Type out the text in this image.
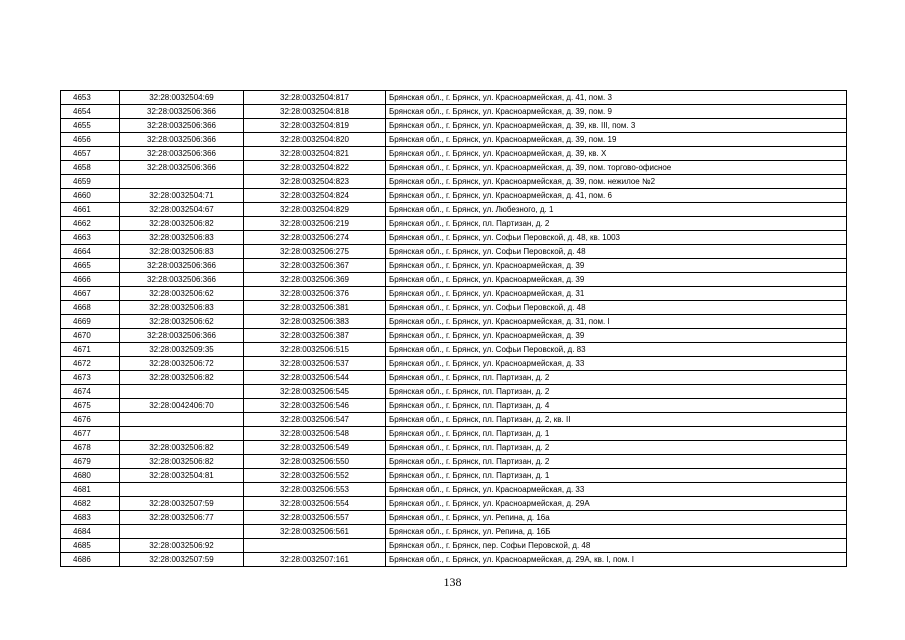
4653	32:28:0032504:69	32:28:0032504:817	Брянская обл., г. Брянск, ул. Красноармейская, д. 41, пом. 3
4654	32:28:0032506:366	32:28:0032504:818	Брянская обл., г. Брянск, ул. Красноармейская, д. 39, пом. 9
4655	32:28:0032506:366	32:28:0032504:819	Брянская обл., г. Брянск, ул. Красноармейская, д. 39, кв. III, пом. 3
4656	32:28:0032506:366	32:28:0032504:820	Брянская обл., г. Брянск, ул. Красноармейская, д. 39, пом. 19
4657	32:28:0032506:366	32:28:0032504:821	Брянская обл., г. Брянск, ул. Красноармейская, д. 39, кв. X
4658	32:28:0032506:366	32:28:0032504:822	Брянская обл., г. Брянск, ул. Красноармейская, д. 39, пом. торгово-офисное
4659		32:28:0032504:823	Брянская обл., г. Брянск, ул. Красноармейская, д. 39, пом. нежилое №2
4660	32:28:0032504:71	32:28:0032504:824	Брянская обл., г. Брянск, ул. Красноармейская, д. 41, пом. 6
4661	32:28:0032504:67	32:28:0032504:829	Брянская обл., г. Брянск, ул. Любезного, д. 1
4662	32:28:0032506:82	32:28:0032506:219	Брянская обл., г. Брянск, пл. Партизан, д. 2
4663	32:28:0032506:83	32:28:0032506:274	Брянская обл., г. Брянск, ул. Софьи Перовской, д. 48, кв. 1003
4664	32:28:0032506:83	32:28:0032506:275	Брянская обл., г. Брянск, ул. Софьи Перовской, д. 48
4665	32:28:0032506:366	32:28:0032506:367	Брянская обл., г. Брянск, ул. Красноармейская, д. 39
4666	32:28:0032506:366	32:28:0032506:369	Брянская обл., г. Брянск, ул. Красноармейская, д. 39
4667	32:28:0032506:62	32:28:0032506:376	Брянская обл., г. Брянск, ул. Красноармейская, д. 31
4668	32:28:0032506:83	32:28:0032506:381	Брянская обл., г. Брянск, ул. Софьи Перовской, д. 48
4669	32:28:0032506:62	32:28:0032506:383	Брянская обл., г. Брянск, ул. Красноармейская, д. 31, пом. I
4670	32:28:0032506:366	32:28:0032506:387	Брянская обл., г. Брянск, ул. Красноармейская, д. 39
4671	32:28:0032509:35	32:28:0032506:515	Брянская обл., г. Брянск, ул. Софьи Перовской, д. 83
4672	32:28:0032506:72	32:28:0032506:537	Брянская обл., г. Брянск, ул. Красноармейская, д. 33
4673	32:28:0032506:82	32:28:0032506:544	Брянская обл., г. Брянск, пл. Партизан, д. 2
4674		32:28:0032506:545	Брянская обл., г. Брянск, пл. Партизан, д. 2
4675	32:28:0042406:70	32:28:0032506:546	Брянская обл., г. Брянск, пл. Партизан, д. 4
4676		32:28:0032506:547	Брянская обл., г. Брянск, пл. Партизан, д. 2, кв. II
4677		32:28:0032506:548	Брянская обл., г. Брянск, пл. Партизан, д. 1
4678	32:28:0032506:82	32:28:0032506:549	Брянская обл., г. Брянск, пл. Партизан, д. 2
4679	32:28:0032506:82	32:28:0032506:550	Брянская обл., г. Брянск, пл. Партизан, д. 2
4680	32:28:0032504:81	32:28:0032506:552	Брянская обл., г. Брянск, пл. Партизан, д. 1
4681		32:28:0032506:553	Брянская обл., г. Брянск, ул. Красноармейская, д. 33
4682	32:28:0032507:59	32:28:0032506:554	Брянская обл., г. Брянск, ул. Красноармейская, д. 29А
4683	32:28:0032506:77	32:28:0032506:557	Брянская обл., г. Брянск, ул. Репина, д. 16а
4684		32:28:0032506:561	Брянская обл., г. Брянск, ул. Репина, д. 16Б
4685	32:28:0032506:92		Брянская обл., г. Брянск, пер. Софьи Перовской, д. 48
4686	32:28:0032507:59	32:28:0032507:161	Брянская обл., г. Брянск, ул. Красноармейская, д. 29А, кв. I, пом. I
138
